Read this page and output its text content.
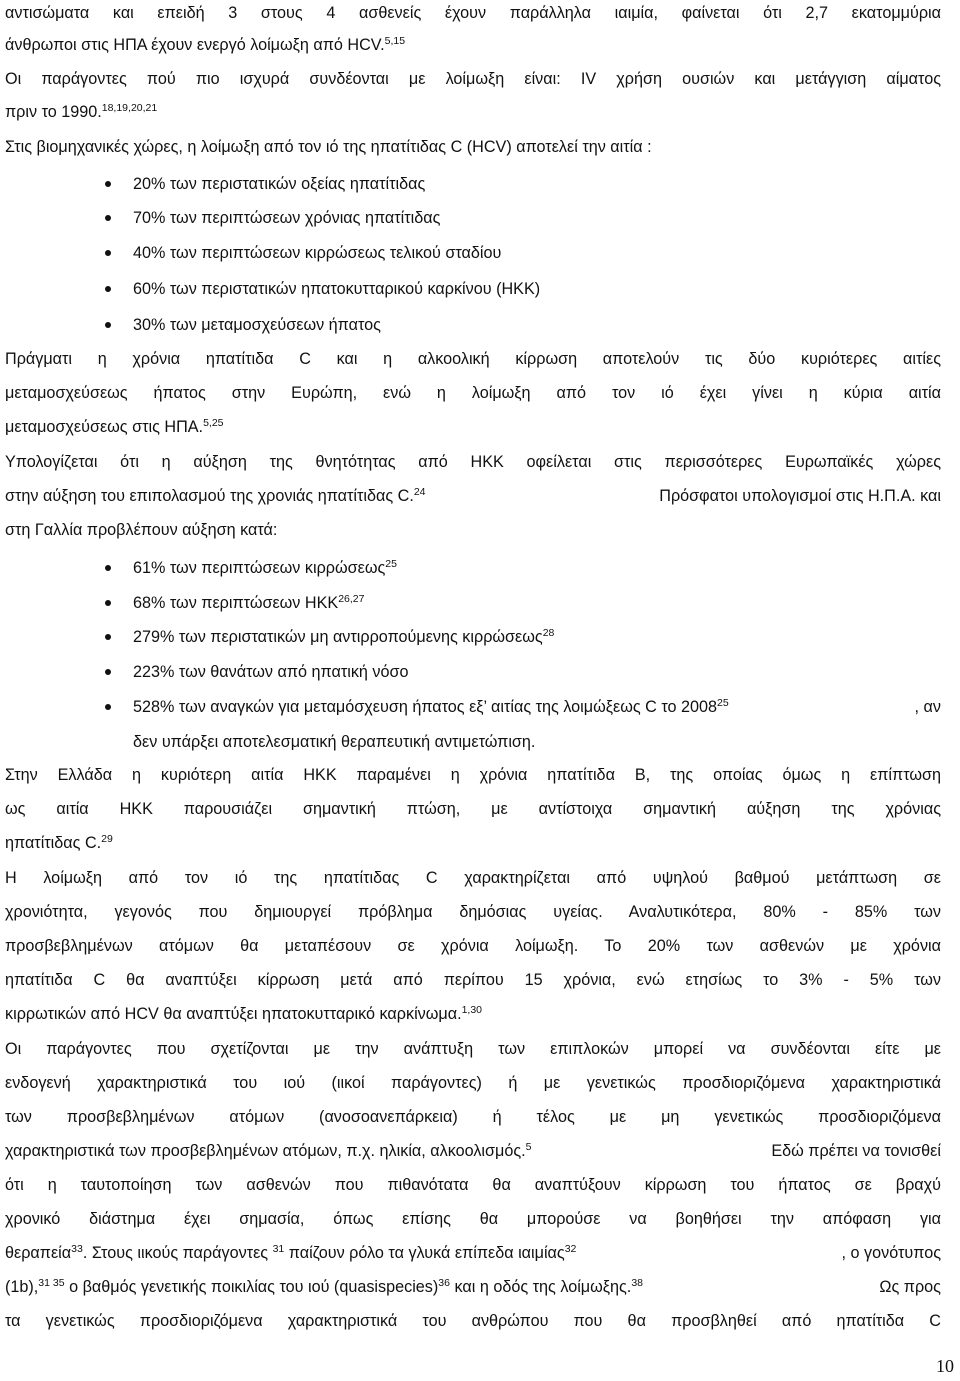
αντισώματα και επειδή 3 στους 4 ασθενείς έχουν παράλληλα ιαιμία, φαίνεται ότι 2,7 εκατομμύρια
άνθρωποι στις ΗΠΑ έχουν ενεργό λοίμωξη από HCV.$^{5,15}$
Οι παράγοντες πού πιο ισχυρά συνδέονται με λοίμωξη είναι: IV χρήση ουσιών και μετάγγιση αίματος
πριν το 1990.$^{18,19,20,21}$
Στις βιομηχανικές χώρες, η λοίμωξη από τον ιό της ηπατίτιδας C (HCV) αποτελεί την αιτία :
20% των περιστατικών οξείας ηπατίτιδας
70% των περιπτώσεων χρόνιας ηπατίτιδας
40% των περιπτώσεων κιρρώσεως τελικού σταδίου
60% των περιστατικών ηπατοκυτταρικού καρκίνου (ΗΚΚ)
30% των μεταμοσχεύσεων ήπατος
Πράγματι η χρόνια ηπατίτιδα C και η αλκοολική κίρρωση αποτελούν τις δύο κυριότερες αιτίες
μεταμοσχεύσεως ήπατος στην Ευρώπη, ενώ η λοίμωξη από τον ιό έχει γίνει η κύρια αιτία
μεταμοσχεύσεως στις ΗΠΑ.$^{5,25}$
Υπολογίζεται ότι η αύξηση της θνητότητας από ΗΚΚ οφείλεται στις περισσότερες Ευρωπαϊκές χώρες
στην αύξηση του επιπολασμού της χρονιάς ηπατίτιδας C.$^{24}$	Πρόσφατοι υπολογισμοί στις Η.Π.Α. και
στη Γαλλία προβλέπουν αύξηση κατά:
61% των περιπτώσεων κιρρώσεως$^{25}$
68% των περιπτώσεων ΗΚΚ$^{26,27}$
279% των περιστατικών μη αντιρροπούμενης κιρρώσεως$^{28}$
223% των θανάτων από ηπατική νόσο
528% των αναγκών για μεταμόσχευση ήπατος εξ’ αιτίας της λοιμώξεως C το 2008$^{25}$	, αν
δεν υπάρξει αποτελεσματική θεραπευτική αντιμετώπιση.
Στην Ελλάδα η κυριότερη αιτία ΗΚΚ παραμένει η χρόνια ηπατίτιδα Β, της οποίας όμως η επίπτωση
ως αιτία ΗΚΚ παρουσιάζει σημαντική πτώση, με αντίστοιχα σημαντική αύξηση της χρόνιας
ηπατίτιδας C.$^{29}$
Η λοίμωξη από τον ιό της ηπατίτιδας C χαρακτηρίζεται από υψηλού βαθμού μετάπτωση σε
χρονιότητα, γεγονός που δημιουργεί πρόβλημα δημόσιας υγείας. Αναλυτικότερα, 80% - 85% των
προσβεβλημένων ατόμων θα μεταπέσουν σε χρόνια λοίμωξη. Το 20% των ασθενών με χρόνια
ηπατίτιδα C θα αναπτύξει κίρρωση μετά από περίπου 15 χρόνια, ενώ ετησίως το 3% - 5% των
κιρρωτικών από HCV θα αναπτύξει ηπατοκυτταρικό καρκίνωμα.$^{1,30}$
Οι παράγοντες που σχετίζονται με την ανάπτυξη των επιπλοκών μπορεί να συνδέονται είτε με
ενδογενή χαρακτηριστικά του ιού (ιικοί παράγοντες) ή με γενετικώς προσδιοριζόμενα χαρακτηριστικά
των προσβεβλημένων ατόμων (ανοσοανεπάρκεια) ή τέλος με μη γενετικώς προσδιοριζόμενα
χαρακτηριστικά των προσβεβλημένων ατόμων, π.χ. ηλικία, αλκοολισμός.$^5$	Εδώ πρέπει να τονισθεί
ότι η ταυτοποίηση των ασθενών που πιθανότατα θα αναπτύξουν κίρρωση του ήπατος σε βραχύ
χρονικό διάστημα έχει σημασία, όπως επίσης θα μπορούσε να βοηθήσει την απόφαση για
θεραπεία$^{33}$. Στους ιικούς παράγοντες $^{31}$ παίζουν ρόλο τα γλυκά επίπεδα ιαιμίας$^{32}$	, ο γονότυπος
(1b),$^{31 35}$ ο βαθμός γενετικής ποικιλίας του ιού (quasispecies)$^{36}$ και η οδός της λοίμωξης.$^{38}$	Ως προς
τα γενετικώς προσδιοριζόμενα χαρακτηριστικά του ανθρώπου που θα προσβληθεί από ηπατίτιδα C
10
